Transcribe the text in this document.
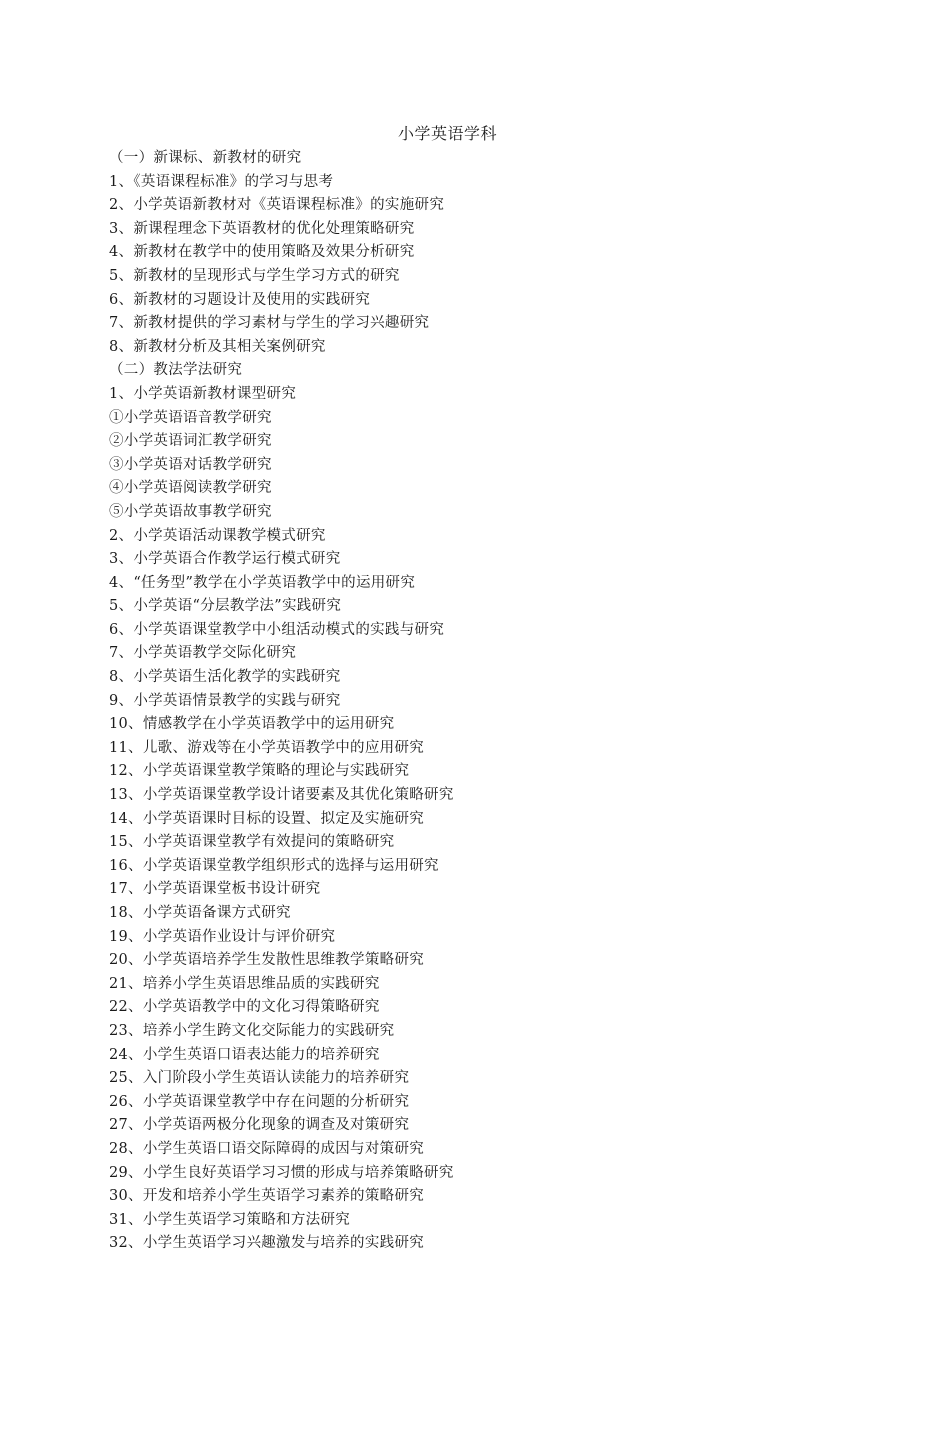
小学英语学科
（一）新课标、新教材的研究
1、《英语课程标准》的学习与思考
2、小学英语新教材对《英语课程标准》的实施研究
3、新课程理念下英语教材的优化处理策略研究
4、新教材在教学中的使用策略及效果分析研究
5、新教材的呈现形式与学生学习方式的研究
6、新教材的习题设计及使用的实践研究
7、新教材提供的学习素材与学生的学习兴趣研究
8、新教材分析及其相关案例研究
（二）教法学法研究
1、小学英语新教材课型研究
①小学英语语音教学研究
②小学英语词汇教学研究
③小学英语对话教学研究
④小学英语阅读教学研究
⑤小学英语故事教学研究
2、小学英语活动课教学模式研究
3、小学英语合作教学运行模式研究
4、“任务型”教学在小学英语教学中的运用研究
5、小学英语“分层教学法”实践研究
6、小学英语课堂教学中小组活动模式的实践与研究
7、小学英语教学交际化研究
8、小学英语生活化教学的实践研究
9、小学英语情景教学的实践与研究
10、情感教学在小学英语教学中的运用研究
11、儿歌、游戏等在小学英语教学中的应用研究
12、小学英语课堂教学策略的理论与实践研究
13、小学英语课堂教学设计诸要素及其优化策略研究
14、小学英语课时目标的设置、拟定及实施研究
15、小学英语课堂教学有效提问的策略研究
16、小学英语课堂教学组织形式的选择与运用研究
17、小学英语课堂板书设计研究
18、小学英语备课方式研究
19、小学英语作业设计与评价研究
20、小学英语培养学生发散性思维教学策略研究
21、培养小学生英语思维品质的实践研究
22、小学英语教学中的文化习得策略研究
23、培养小学生跨文化交际能力的实践研究
24、小学生英语口语表达能力的培养研究
25、入门阶段小学生英语认读能力的培养研究
26、小学英语课堂教学中存在问题的分析研究
27、小学英语两极分化现象的调查及对策研究
28、小学生英语口语交际障碍的成因与对策研究
29、小学生良好英语学习习惯的形成与培养策略研究
30、开发和培养小学生英语学习素养的策略研究
31、小学生英语学习策略和方法研究
32、小学生英语学习兴趣激发与培养的实践研究
